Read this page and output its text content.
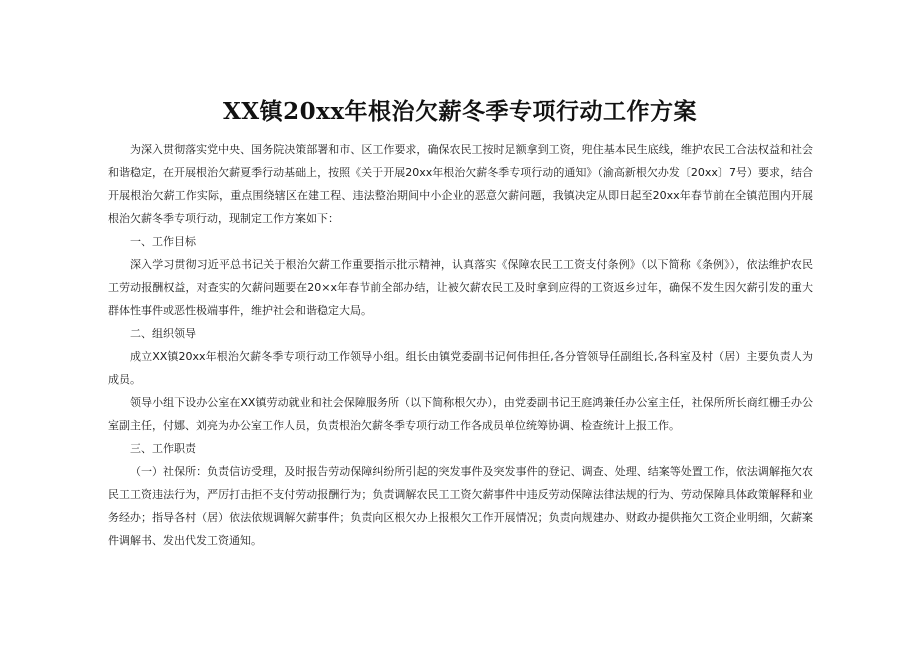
XX镇20xx年根治欠薪冬季专项行动工作方案

为深入贯彻落实党中央、国务院决策部署和市、区工作要求，确保农民工按时足额拿到工资，兜住基本民生底线，维护农民工合法权益和社会和谐稳定，在开展根治欠薪夏季行动基础上，按照《关于开展20xx年根治欠薪冬季专项行动的通知》（渝高新根欠办发〔20xx〕7号）要求，结合开展根治欠薪工作实际，重点围绕辖区在建工程、违法整治期间中小企业的恶意欠薪问题，我镇决定从即日起至20xx年春节前在全镇范围内开展根治欠薪冬季专项行动，现制定工作方案如下：

一、工作目标

深入学习贯彻习近平总书记关于根治欠薪工作重要指示批示精神，认真落实《保障农民工工资支付条例》（以下简称《条例》），依法维护农民工劳动报酬权益，对查实的欠薪问题要在20×x年春节前全部办结，让被欠薪农民工及时拿到应得的工资返乡过年，确保不发生因欠薪引发的重大群体性事件或恶性极端事件，维护社会和谐稳定大局。

二、组织领导

成立XX镇20xx年根治欠薪冬季专项行动工作领导小组。组长由镇党委副书记何伟担任,各分管领导任副组长,各科室及村（居）主要负责人为成员。

领导小组下设办公室在XX镇劳动就业和社会保障服务所（以下简称根欠办），由党委副书记王庭鸿兼任办公室主任，社保所所长商红栅壬办公室副主任，付娜、刘亮为办公室工作人员，负责根治欠薪冬季专项行动工作各成员单位统筹协调、检查统计上报工作。

三、工作职责

（一）社保所：负责信访受理，及时报告劳动保障纠纷所引起的突发事件及突发事件的登记、调查、处理、结案等处置工作，依法调解拖欠农民工工资违法行为，严厉打击拒不支付劳动报酬行为；负责调解农民工工资欠薪事件中违反劳动保障法律法规的行为、劳动保障具体政策解释和业务经办；指导各村（居）依法依规调解欠薪事件；负责向区根欠办上报根欠工作开展情况；负责向规建办、财政办提供拖欠工资企业明细，欠薪案件调解书、发出代发工资通知。
